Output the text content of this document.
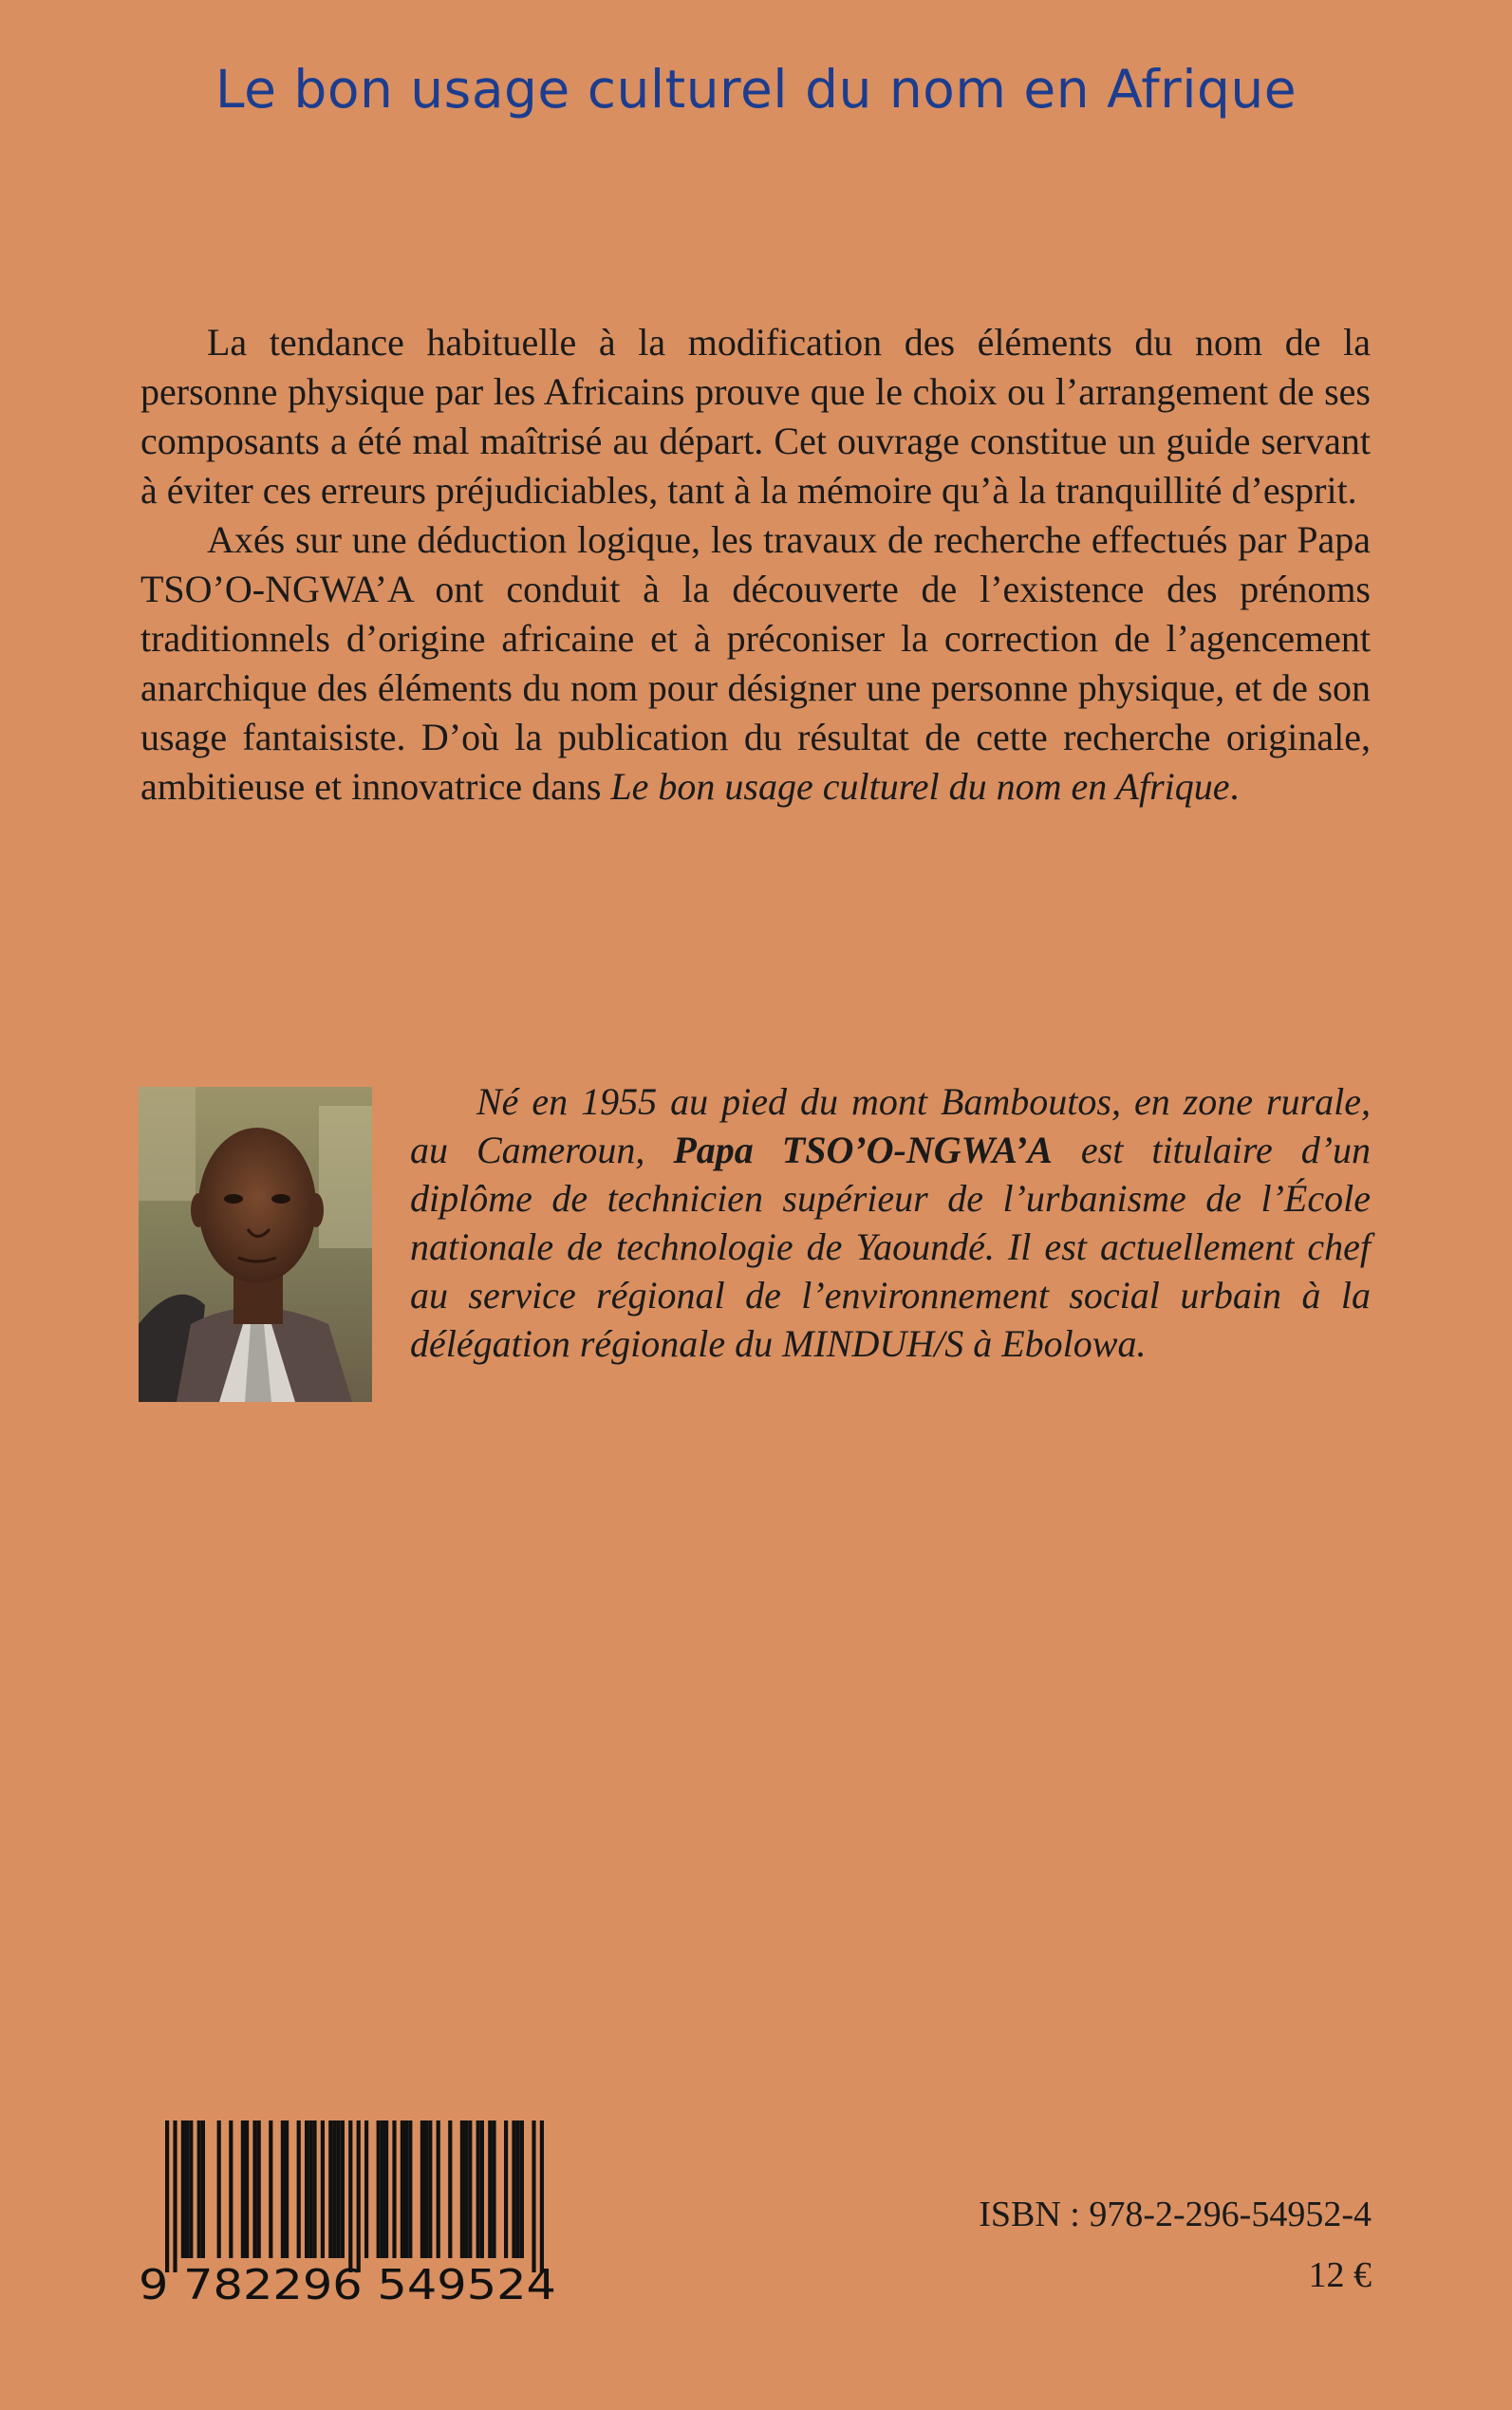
Le bon usage culturel du nom en Afrique

La tendance habituelle à la modification des éléments du nom de la personne physique par les Africains prouve que le choix ou l’arrangement de ses composants a été mal maîtrisé au départ. Cet ouvrage constitue un guide servant à éviter ces erreurs préjudiciables, tant à la mémoire qu’à la tranquillité d’esprit.

Axés sur une déduction logique, les travaux de recherche effectués par Papa TSO’O-NGWA’A ont conduit à la découverte de l’existence des prénoms traditionnels d’origine africaine et à préconiser la correction de l’agencement anarchique des éléments du nom pour désigner une personne physique, et de son usage fantaisiste. D’où la publication du résultat de cette recherche originale, ambitieuse et innovatrice dans Le bon usage culturel du nom en Afrique.

Né en 1955 au pied du mont Bamboutos, en zone rurale, au Cameroun, Papa TSO’O-NGWA’A est titulaire d’un diplôme de technicien supérieur de l’urbanisme de l’École nationale de technologie de Yaoundé. Il est actuellement chef au service régional de l’environnement social urbain à la délégation régionale du MINDUH/S à Ebolowa.

9 782296 549524
ISBN : 978-2-296-54952-4
12 €
